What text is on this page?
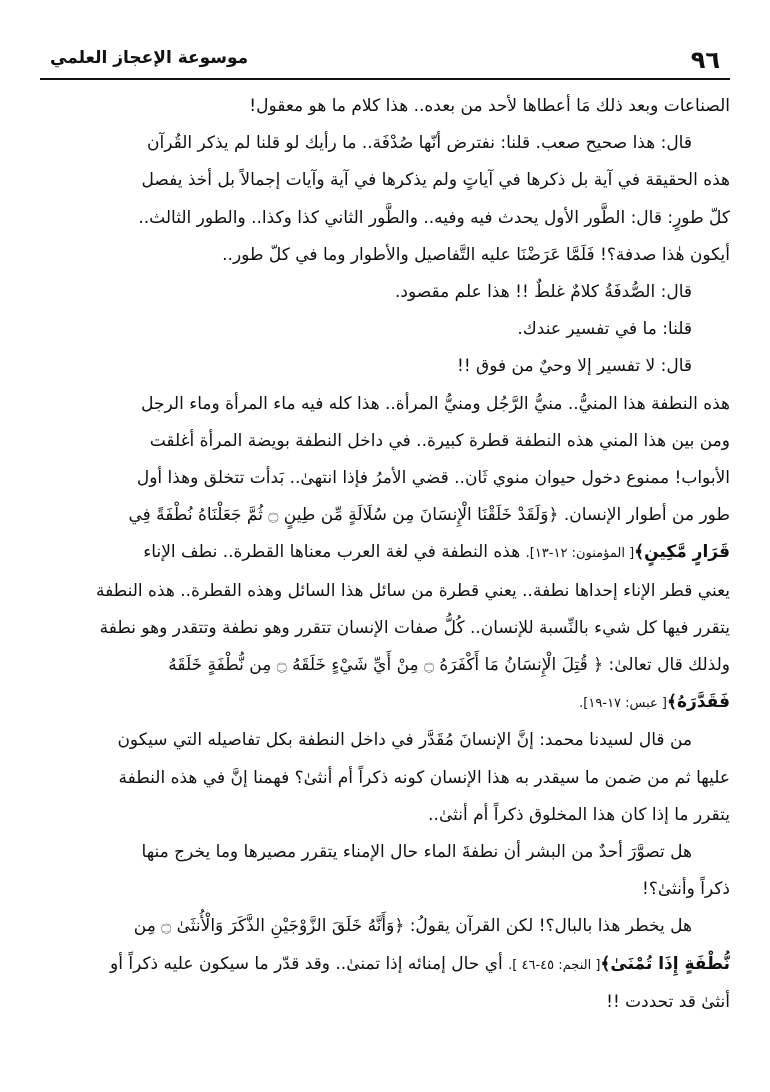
٩٦
موسوعة الإعجاز العلمي

الصناعات وبعد ذلك مَا أعطاها لأحد من بعده.. هذا كلام ما هو معقول!

قال: هذا صحيح صعب. قلنا: نفترض أنّها صُدْفَة.. ما رأيك لو قلنا لم يذكر القُرآن

هذه الحقيقة في آية بل ذكرها في آياتٍ ولم يذكرها في آية وآيات إجمالاً بل أخذ يفصل

كلّ طورٍ: قال: الطَّور الأول يحدث فيه وفيه.. والطَّور الثاني كذا وكذا.. والطور الثالث..

أيكون هٰذا صدفة؟! فَلَمَّا عَرَضْنَا عليه التَّفاصيل والأطوار وما في كلّ طور..

قال: الصُّدفَةُ كلامٌ غلطٌ !! هذا علم مقصود.

قلنا: ما في تفسير عندك.

قال: لا تفسير إلا وحيٌ من فوق !!

هذه النطفة هذا المنيُّ.. منيُّ الرَّجُل ومنيُّ المرأة.. هذا كله فيه ماء المرأة وماء الرجل

ومن بين هذا المني هذه النطفة قطرة كبيرة.. في داخل النطفة بويضة المرأة أغلقت

الأبواب! ممنوع دخول حيوان منوي ثَان.. قضي الأمرُ فإذا انتهىٰ.. بَدأت تتخلق وهذا أول

طور من أطوار الإنسان. ﴿وَلَقَدْ خَلَقْنَا الْإِنسَانَ مِن سُلَالَةٍ مِّن طِينٍ ۝ ثُمَّ جَعَلْنَاهُ نُطْفَةً فِي

قَرَارٍ مَّكِينٍ﴾[ المؤمنون: ١٢-١٣]. هذه النطفة في لغة العرب معناها القطرة.. نطف الإناء

يعني قطر الإناء إحداها نطفة.. يعني قطرة من سائل هذا السائل وهذه القطرة.. هذه النطفة

يتقرر فيها كل شيء بالنِّسبة للإنسان.. كُلُّ صفات الإنسان تتقرر وهو نطفة وتتقدر وهو نطفة

ولذلك قال تعالىٰ: ﴿ قُتِلَ الْإِنسَانُ مَا أَكْفَرَهُ ۝ مِنْ أَيِّ شَيْءٍ خَلَقَهُ ۝ مِن نُّطْفَةٍ خَلَقَهُ

فَقَدَّرَهُ﴾[ عبس: ١٧-١٩].

من قال لسيدنا محمد: إنَّ الإنسانَ مُقَدَّر في داخل النطفة بكل تفاصيله التي سيكون

عليها ثم من ضمن ما سيقدر به هذا الإنسان كونه ذكراً أم أنثىٰ؟ فهمنا إنَّ في هذه النطفة

يتقرر ما إذا كان هذا المخلوق ذكراً أم أنثىٰ..

هل تصوَّرَ أحدٌ من البشر أن نطفةَ الماء حال الإمناء يتقرر مصيرها وما يخرج منها

ذكراً وأنثىٰ؟!

هل يخطر هذا بالبال؟! لكن القرآن يقولُ: ﴿وَأَنَّهُ خَلَقَ الزَّوْجَيْنِ الذَّكَرَ وَالْأُنثَىٰ ۝ مِن

نُّطْفَةٍ إِذَا تُمْنَىٰ﴾[ النجم: ٤٥-٤٦ ]. أي حال إمنائه إذا تمنىٰ.. وقد قدّر ما سيكون عليه ذكراً أو

أنثىٰ قد تحددت !!
